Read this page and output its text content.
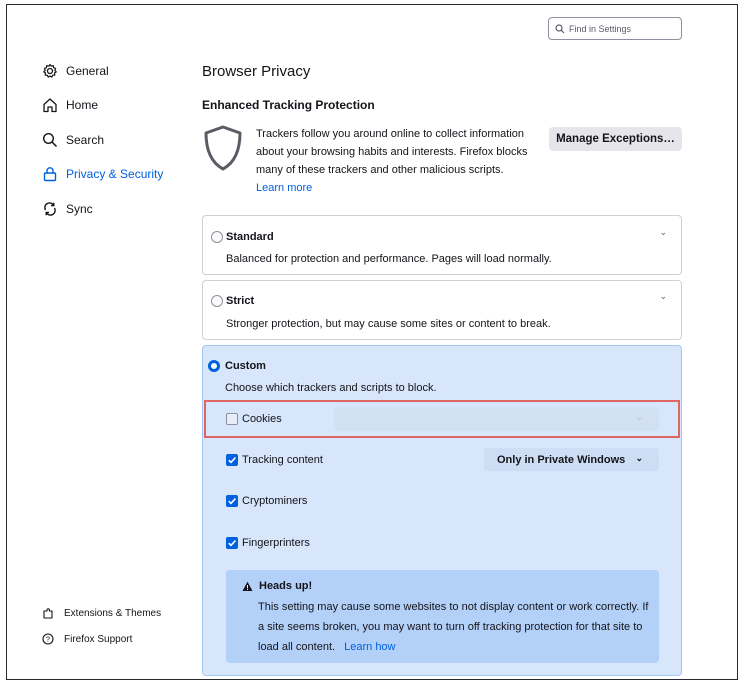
Find in Settings
General
Home
Search
Privacy & Security
Sync
Extensions & Themes
? Firefox Support
Browser Privacy
Enhanced Tracking Protection
Trackers follow you around online to collect information about your browsing habits and interests. Firefox blocks many of these trackers and other malicious scripts.
Learn more
Manage Exceptions…
Standard
Balanced for protection and performance. Pages will load normally.
⌄
Strict
Stronger protection, but may cause some sites or content to break.
⌄
Custom
Choose which trackers and scripts to block.
⌄
Cookies
Tracking content	Only in Private Windows ⌄
Cryptominers
Fingerprinters
Heads up!
This setting may cause some websites to not display content or work correctly. If a site seems broken, you may want to turn off tracking protection for that site to load all content. Learn how
